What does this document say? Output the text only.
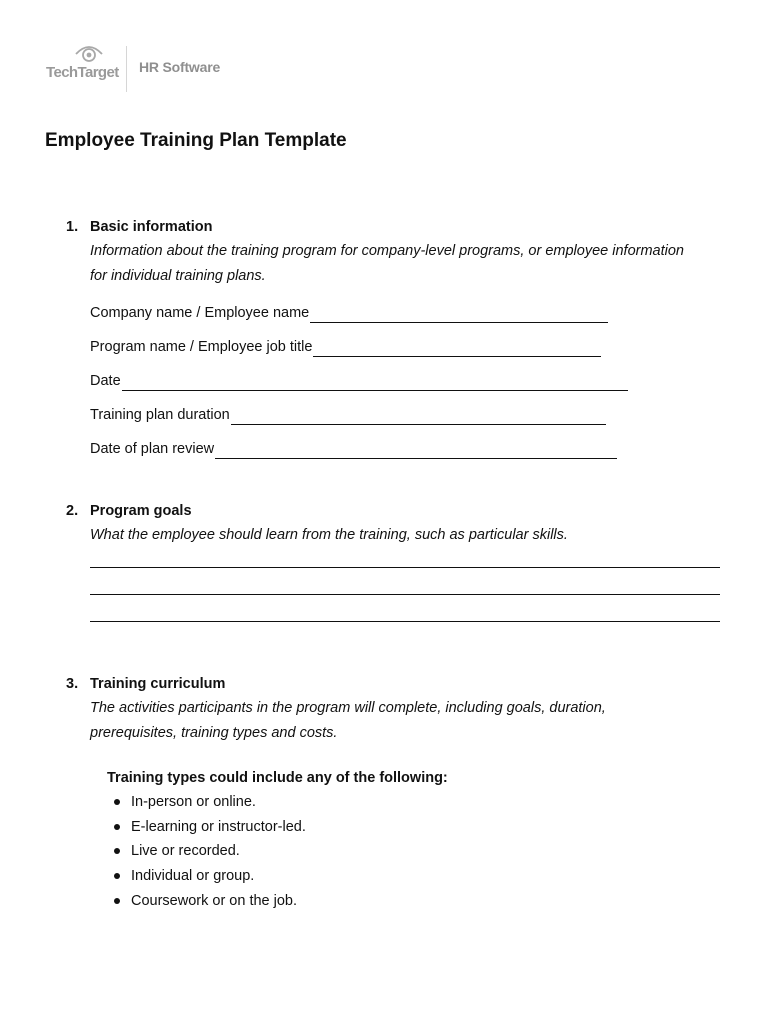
TechTarget HR Software
Employee Training Plan Template
1. Basic information
Information about the training program for company-level programs, or employee information for individual training plans.
Company name / Employee name
Program name / Employee job title
Date
Training plan duration
Date of plan review
2. Program goals
What the employee should learn from the training, such as particular skills.
3. Training curriculum
The activities participants in the program will complete, including goals, duration, prerequisites, training types and costs.
Training types could include any of the following:
In-person or online.
E-learning or instructor-led.
Live or recorded.
Individual or group.
Coursework or on the job.
